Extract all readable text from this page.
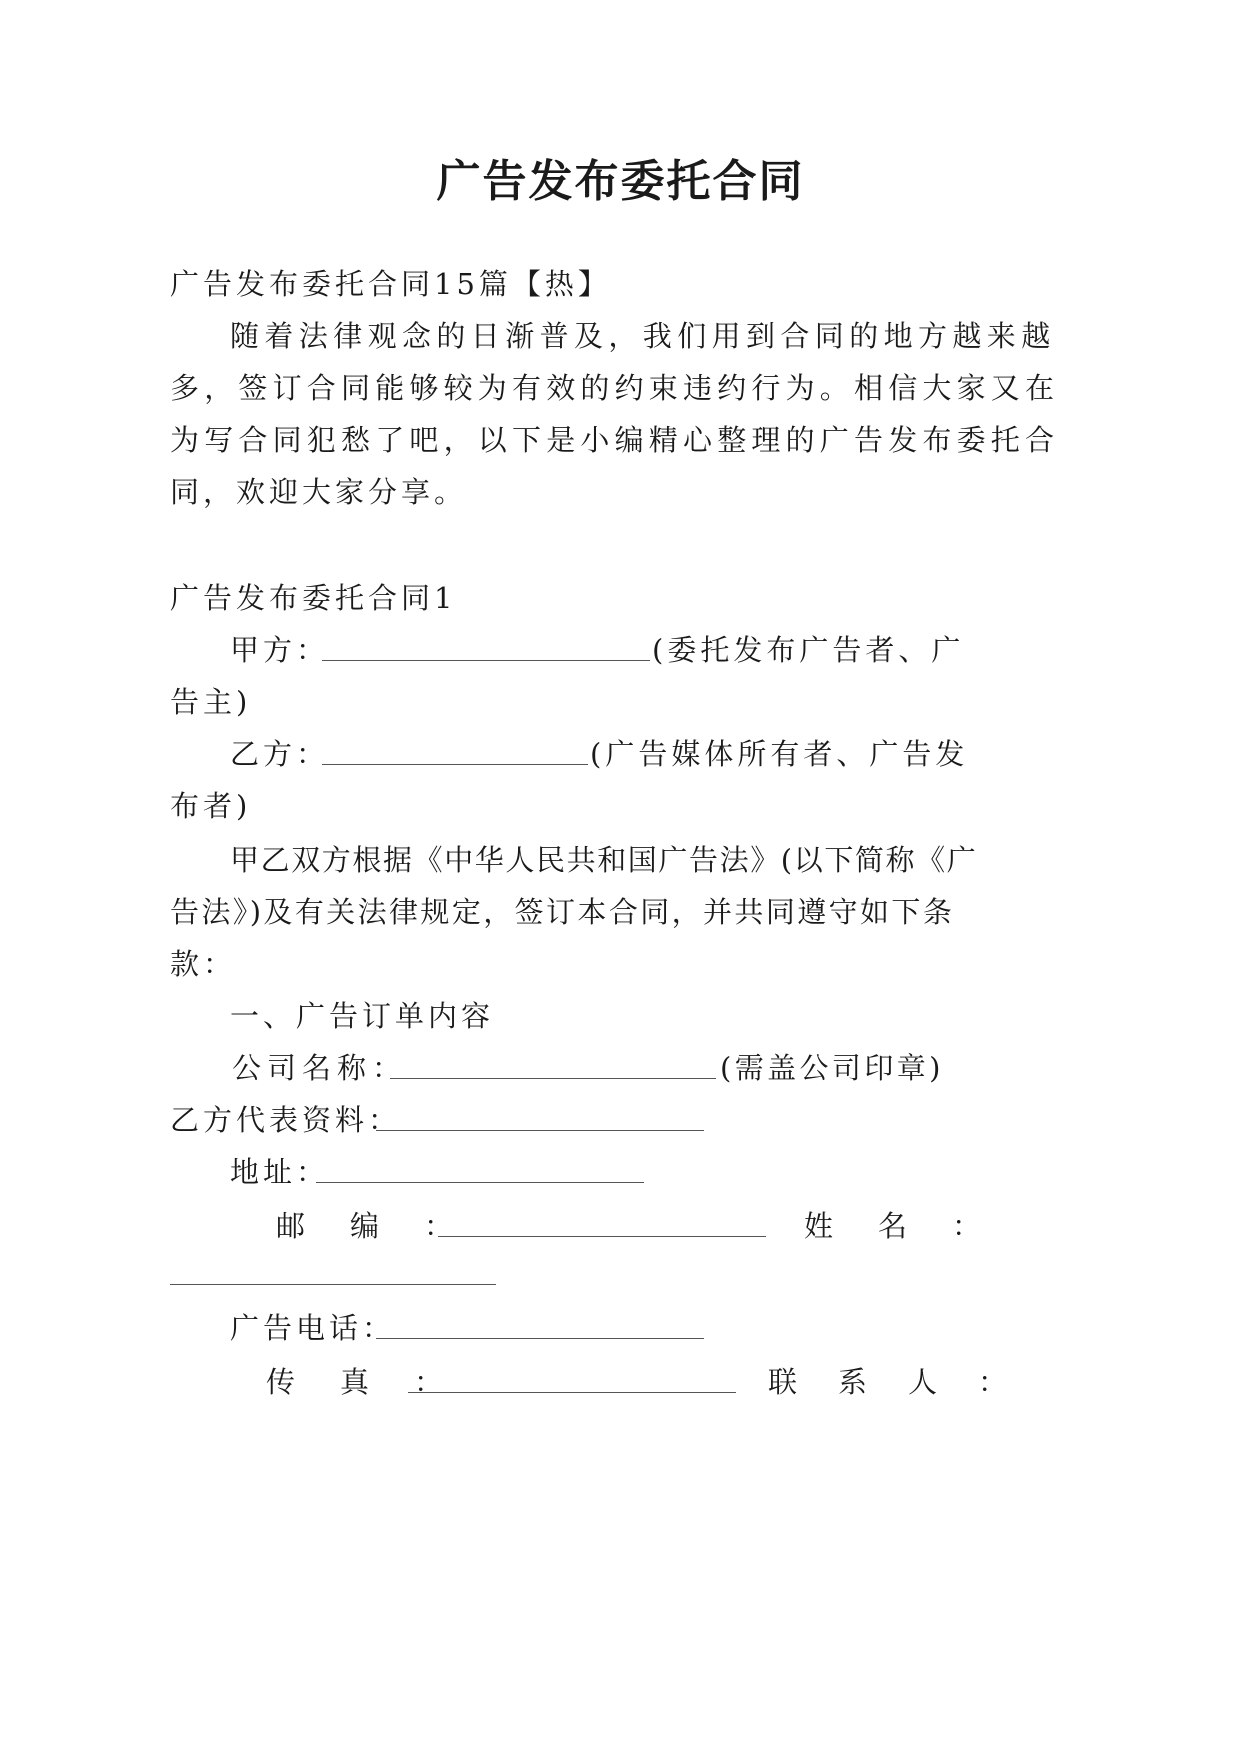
广告发布委托合同
广告发布委托合同15篇【热】
随着法律观念的日渐普及，我们用到合同的地方越来越
多，签订合同能够较为有效的约束违约行为。相信大家又在
为写合同犯愁了吧，以下是小编精心整理的广告发布委托合
同，欢迎大家分享。
广告发布委托合同1
甲方：	(委托发布广告者、广
告主)
乙方：	(广告媒体所有者、广告发
布者)
甲乙双方根据《中华人民共和国广告法》(以下简称《广
告法》)及有关法律规定，签订本合同，并共同遵守如下条
款：
一、广告订单内容
公司名称：	(需盖公司印章)
乙方代表资料：
地址：
邮　编　：	姓　名　：
广告电话：
传　真　：	联　系　人　：
